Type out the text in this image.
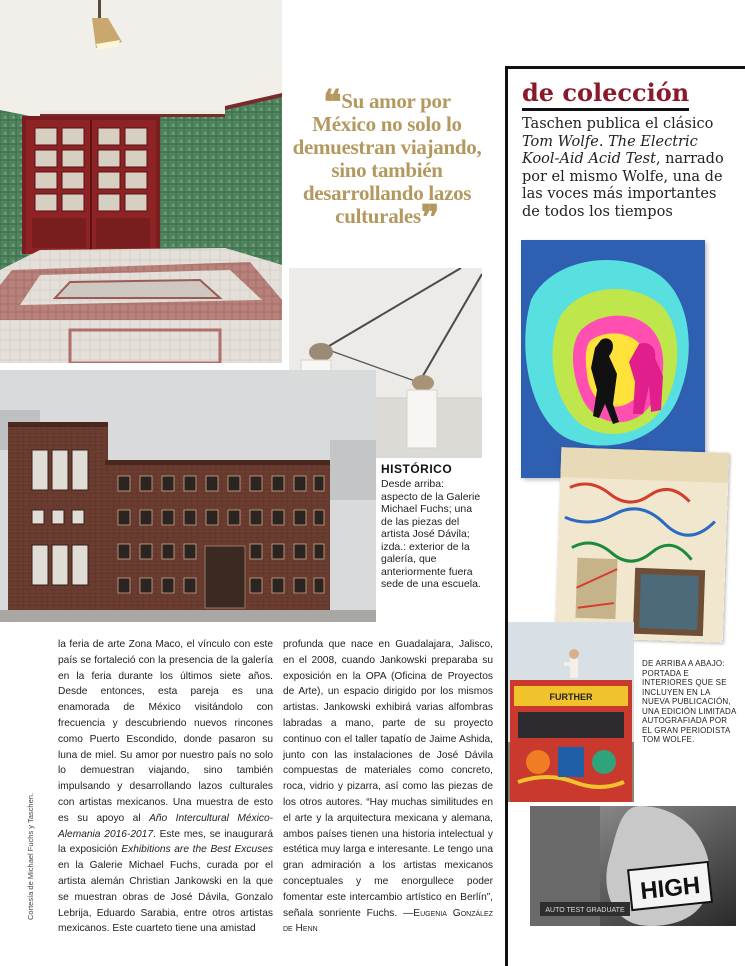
❝Su amor por México no solo lo demuestran viajando, sino también desarrollando lazos culturales❞
HISTÓRICO
Desde arriba: aspecto de la Galerie Michael Fuchs; una de las piezas del artista José Dávila; izda.: exterior de la galería, que anteriormente fuera sede de una escuela.
de colección
Taschen publica el clásico Tom Wolfe. The Electric Kool-Aid Acid Test, narrado por el mismo Wolfe, una de las voces más importantes de todos los tiempos
FURTHER
DE ARRIBA A ABAJO: PORTADA E INTERIORES QUE SE INCLUYEN EN LA NUEVA PUBLICACIÓN, UNA EDICIÓN LIMITADA AUTOGRAFIADA POR EL GRAN PERIODISTA TOM WOLFE.
HIGH
AUTO TEST GRADUATE
la feria de arte Zona Maco, el vínculo con este país se fortaleció con la presencia de la galería en la feria durante los últimos siete años. Desde entonces, esta pareja es una enamorada de México visitándolo con frecuencia y descubriendo nuevos rincones como Puerto Escondido, donde pasaron su luna de miel. Su amor por nuestro país no solo lo demuestran viajando, sino también impulsando y desarrollando lazos culturales con artistas mexicanos. Una muestra de esto es su apoyo al Año Intercultural México-Alemania 2016-2017. Este mes, se inaugurará la exposición Exhibitions are the Best Excuses en la Galerie Michael Fuchs, curada por el artista alemán Christian Jankowski en la que se muestran obras de José Dávila, Gonzalo Lebrija, Eduardo Sarabia, entre otros artistas mexicanos. Este cuarteto tiene una amistad
profunda que nace en Guadalajara, Jalisco, en el 2008, cuando Jankowski preparaba su exposición en la OPA (Oficina de Proyectos de Arte), un espacio dirigido por los mismos artistas. Jankowski exhibirá varias alfombras labradas a mano, parte de su proyecto continuo con el taller tapatío de Jaime Ashida, junto con las instalaciones de José Dávila compuestas de materiales como concreto, roca, vidrio y pizarra, así como las piezas de los otros autores. “Hay muchas similitudes en el arte y la arquitectura mexicana y alemana, ambos países tienen una historia intelectual y estética muy larga e interesante. Le tengo una gran admiración a los artistas mexicanos conceptuales y me enorgullece poder fomentar este intercambio artístico en Berlín”, señala sonriente Fuchs. —Eugenia González de Henn
Cortesía de Michael Fuchs y Taschen.
